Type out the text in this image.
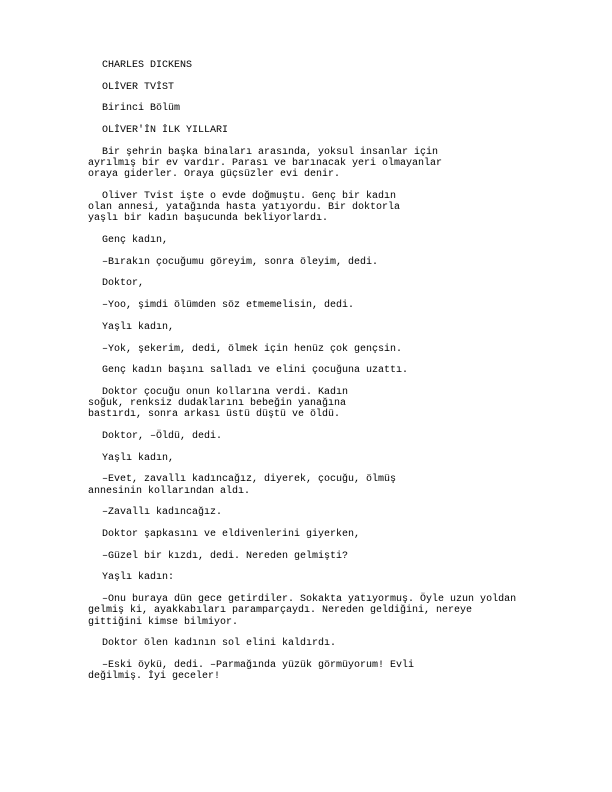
CHARLES DICKENS

OLİVER TVİST

Birinci Bölüm

OLİVER'İN İLK YILLARI

Bir şehrin başka binaları arasında, yoksul insanlar için
ayrılmış bir ev vardır. Parası ve barınacak yeri olmayanlar
oraya giderler. Oraya güçsüzler evi denir.

Oliver Tvist işte o evde doğmuştu. Genç bir kadın
olan annesi, yatağında hasta yatıyordu. Bir doktorla
yaşlı bir kadın başucunda bekliyorlardı.

Genç kadın,

–Bırakın çocuğumu göreyim, sonra öleyim, dedi.

Doktor,

–Yoo, şimdi ölümden söz etmemelisin, dedi.

Yaşlı kadın,

–Yok, şekerim, dedi, ölmek için henüz çok gençsin.

Genç kadın başını salladı ve elini çocuğuna uzattı.

Doktor çocuğu onun kollarına verdi. Kadın
soğuk, renksiz dudaklarını bebeğin yanağına
bastırdı, sonra arkası üstü düştü ve öldü.

Doktor, –Öldü, dedi.

Yaşlı kadın,

–Evet, zavallı kadıncağız, diyerek, çocuğu, ölmüş
annesinin kollarından aldı.

–Zavallı kadıncağız.

Doktor şapkasını ve eldivenlerini giyerken,

–Güzel bir kızdı, dedi. Nereden gelmişti?

Yaşlı kadın:

–Onu buraya dün gece getirdiler. Sokakta yatıyormuş. Öyle uzun yoldan
gelmiş ki, ayakkabıları paramparçaydı. Nereden geldiğini, nereye
gittiğini kimse bilmiyor.

Doktor ölen kadının sol elini kaldırdı.

–Eski öykü, dedi. –Parmağında yüzük görmüyorum! Evli
değilmiş. İyi geceler!
